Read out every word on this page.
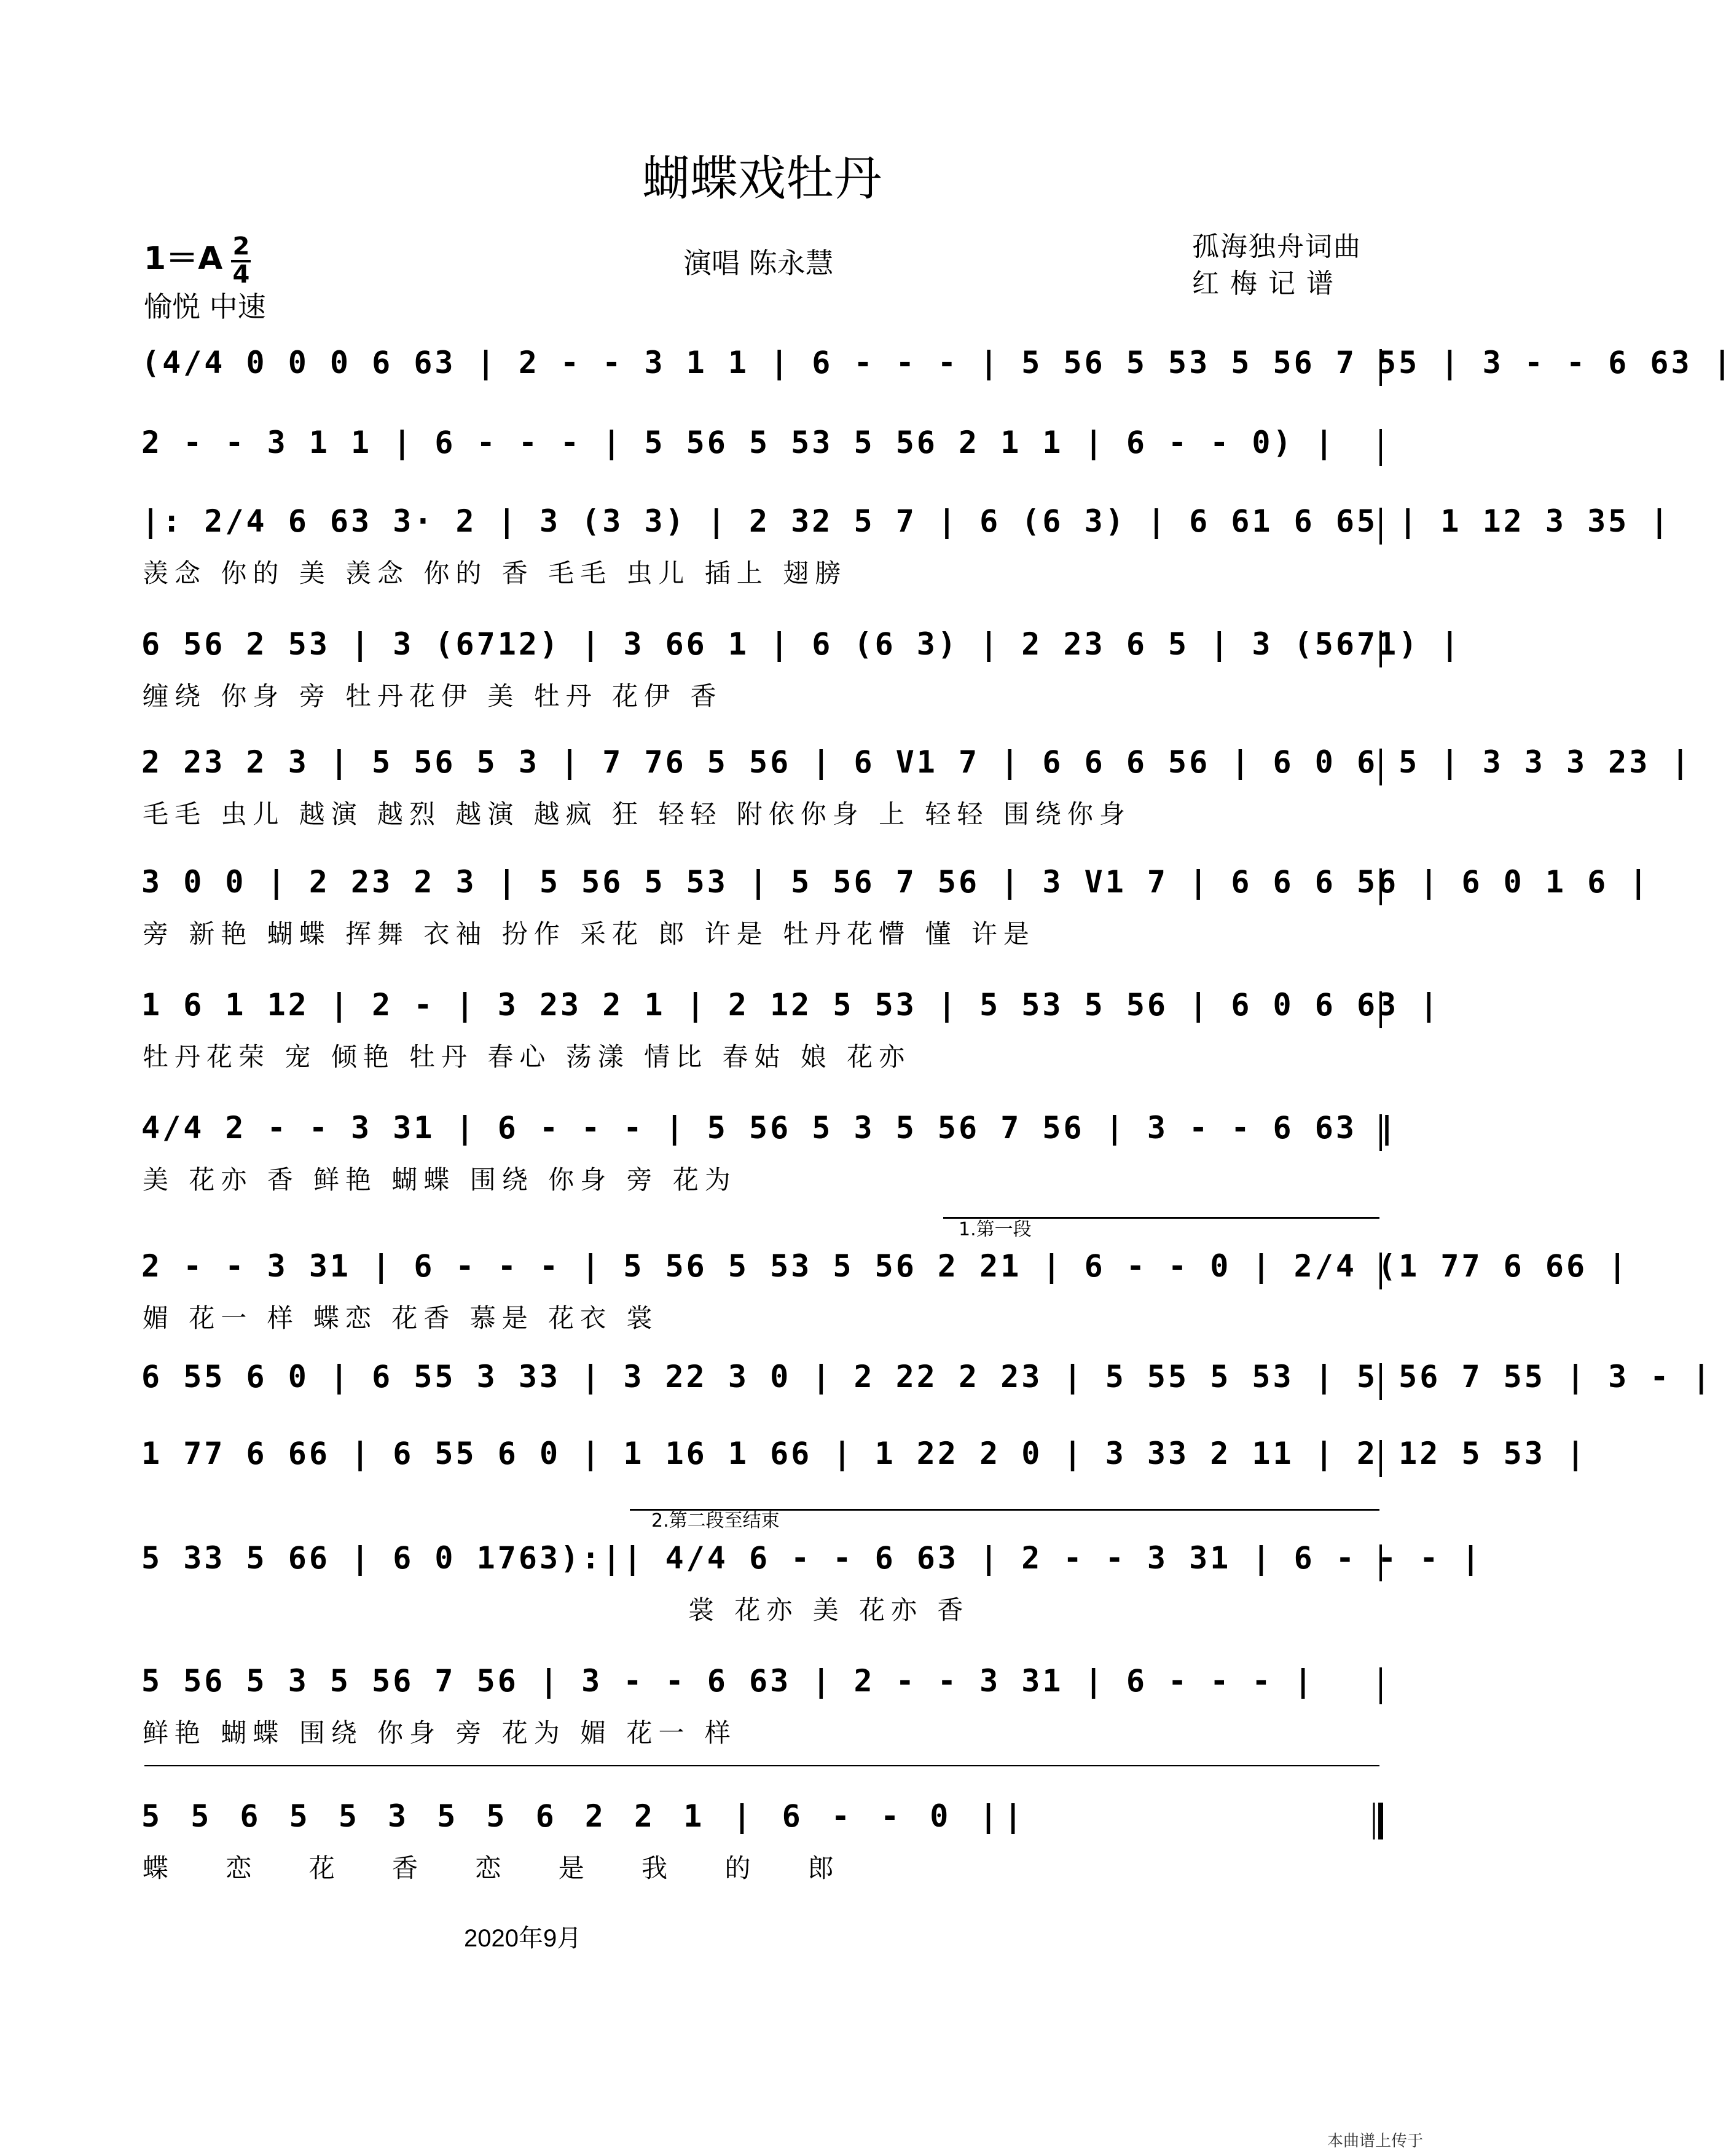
蝴蝶戏牡丹
$1=A \frac{2}{4}$
愉悦 中速
演唱 陈永慧	孤海独舟词曲
红 梅 记 谱
(4/4 0 0 0 6 63 | 2 - - 3 1 1 | 6 - - - | 5 56 5 53 5 56 7 55 | 3 - - 6 63 |
2 - - 3 1 1 | 6 - - - | 5 56 5 53 5 56 2 1 1 | 6 - - 0) |
|: 2/4 6 63 3· 2 | 3 (3 3) | 2 32 5 7 | 6 (6 3) | 6 61 6 65 | 1 12 3 35 |
羡念 你的 美 羡念 你的 香 毛毛 虫儿 插上 翅膀
6 56 2 53 | 3 (6712) | 3 66 1 | 6 (6 3) | 2 23 6 5 | 3 (5671) |
缠绕 你身 旁 牡丹花伊 美 牡丹 花伊 香
2 23 2 3 | 5 56 5 3 | 7 76 5 56 | 6 V1 7 | 6 6 6 56 | 6 0 6 5 | 3 3 3 23 |
毛毛 虫儿 越演 越烈 越演 越疯 狂 轻轻 附依你身 上 轻轻 围绕你身
3 0 0 | 2 23 2 3 | 5 56 5 53 | 5 56 7 56 | 3 V1 7 | 6 6 6 56 | 6 0 1 6 |
旁 新艳 蝴蝶 挥舞 衣袖 扮作 采花 郎 许是 牡丹花懵 懂 许是
1 6 1 12 | 2 - | 3 23 2 1 | 2 12 5 53 | 5 53 5 56 | 6 0 6 63 |
牡丹花荣 宠 倾艳 牡丹 春心 荡漾 情比 春姑 娘 花亦
4/4 2 - - 3 31 | 6 - - - | 5 56 5 3 5 56 7 56 | 3 - - 6 63 |
美 花亦 香 鲜艳 蝴蝶 围绕 你身 旁 花为
1.第一段
2 - - 3 31 | 6 - - - | 5 56 5 53 5 56 2 21 | 6 - - 0 | 2/4 (1 77 6 66 |
媚 花一 样 蝶恋 花香 慕是 花衣 裳
6 55 6 0 | 6 55 3 33 | 3 22 3 0 | 2 22 2 23 | 5 55 5 53 | 5 56 7 55 | 3 - |
1 77 6 66 | 6 55 6 0 | 1 16 1 66 | 1 22 2 0 | 3 33 2 11 | 2 12 5 53 |
2.第二段至结束
5 33 5 66 | 6 0 1763):|| 4/4 6 - - 6 63 | 2 - - 3 31 | 6 - - - |
裳 花亦 美 花亦 香
5 56 5 3 5 56 7 56 | 3 - - 6 63 | 2 - - 3 31 | 6 - - - |
鲜艳 蝴蝶 围绕 你身 旁 花为 媚 花一 样
5 5 6 5 5 3 5 5 6 2 2 1 | 6 - - 0 ||
蝶 恋 花 香 恋 是 我 的 郎
2020年9月
本曲谱上传于
